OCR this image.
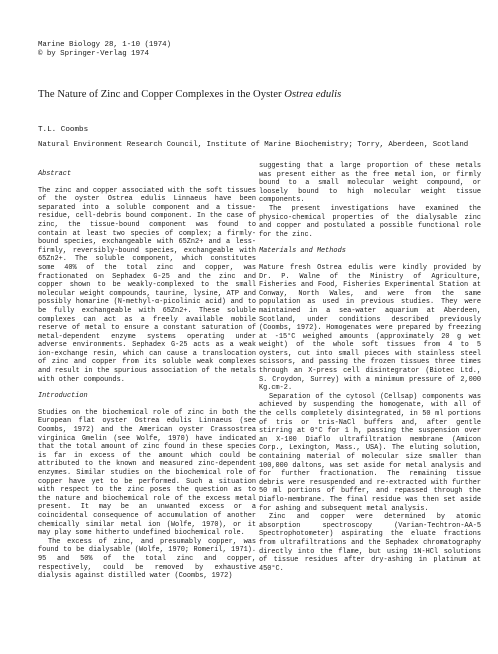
Marine Biology 28, 1-10 (1974)
© by Springer-Verlag 1974
The Nature of Zinc and Copper Complexes in the Oyster Ostrea edulis
T.L. Coombs
Natural Environment Research Council, Institute of Marine Biochemistry; Torry, Aberdeen, Scotland
Abstract

The zinc and copper associated with the soft tissues of the oyster Ostrea edulis Linnaeus have been separated into a soluble component and a tissue-residue, cell-debris bound component. In the case of zinc, the tissue-bound component was found to contain at least two species of complex; a firmly-bound species, exchangeable with 65Zn2+ and a less-firmly, reversibly-bound species, exchangeable with 65Zn2+. The soluble component, which constitutes some 40% of the total zinc and copper, was fractionated on Sephadex G-25 and the zinc and copper shown to be weakly-complexed to the small molecular weight compounds, taurine, lysine, ATP and possibly homarine (N-methyl-α-picolinic acid) and to be fully exchangeable with 65Zn2+. These soluble complexes can act as a freely available mobile reserve of metal to ensure a constant saturation of metal-dependent enzyme systems operating under adverse environments. Sephadex G-25 acts as a weak ion-exchange resin, which can cause a translocation of zinc and copper from its soluble weak complexes and result in the spurious association of the metals with other compounds.

Introduction

Studies on the biochemical role of zinc in both the European flat oyster Ostrea edulis Linnaeus (see Coombs, 1972) and the American oyster Crassostrea virginica Gmelin (see Wolfe, 1970) have indicated that the total amount of zinc found in these species is far in excess of the amount which could be attributed to the known and measured zinc-dependent enzymes. Similar studies on the biochemical role of copper have yet to be performed. Such a situation with respect to the zinc poses the question as to the nature and biochemical role of the excess metal present. It may be an unwanted excess or a coincidental consequence of accumulation of another chemically similar metal ion (Wolfe, 1970), or it may play some hitherto undefined biochemical role.

The excess of zinc, and presumably copper, was found to be dialysable (Wolfe, 1970; Romeril, 1971). 95 and 50% of the total zinc and copper, respectively, could be removed by exhaustive dialysis against distilled water (Coombs, 1972)

suggesting that a large proportion of these metals was present either as the free metal ion, or firmly bound to a small molecular weight compound, or loosely bound to high molecular weight tissue components.

The present investigations have examined the physico-chemical properties of the dialysable zinc and copper and postulated a possible functional role for the zinc.

Materials and Methods

Mature fresh Ostrea edulis were kindly provided by Dr. P. Walne of the Ministry of Agriculture, Fisheries and Food, Fisheries Experimental Station at Conway, North Wales, and were from the same population as used in previous studies. They were maintained in a sea-water aquarium at Aberdeen, Scotland, under conditions described previously (Coombs, 1972). Homogenates were prepared by freezing at -15°C weighed amounts (approximately 20 g wet weight) of the whole soft tissues from 4 to 5 oysters, cut into small pieces with stainless steel scissors, and passing the frozen tissues three times through an X-press cell disintegrator (Biotec Ltd., S. Croydon, Surrey) with a minimum pressure of 2,000 Kg.cm-2.

Separation of the cytosol (Cellsap) components was achieved by suspending the homogenate, with all of the cells completely disintegrated, in 50 ml portions of tris or tris-NaCl buffers and, after gentle stirring at 0°C for 1 h, passing the suspension over an X-100 Diaflo ultrafiltration membrane (Amicon Corp., Lexington, Mass., USA). The eluting solution, containing material of molecular size smaller than 100,000 daltons, was set aside for metal analysis and for further fractionation. The remaining tissue debris were resuspended and re-extracted with further 50 ml portions of buffer, and repassed through the Diaflo-membrane. The final residue was then set aside for ashing and subsequent metal analysis.

Zinc and copper were determined by atomic absorption spectroscopy (Varian-Techtron-AA-5 Spectrophotometer) aspirating the eluate fractions from ultrafiltrations and the Sephadex chromatography directly into the flame, but using 1N-HCl solutions of tissue residues after dry-ashing in platinum at 450°C.
